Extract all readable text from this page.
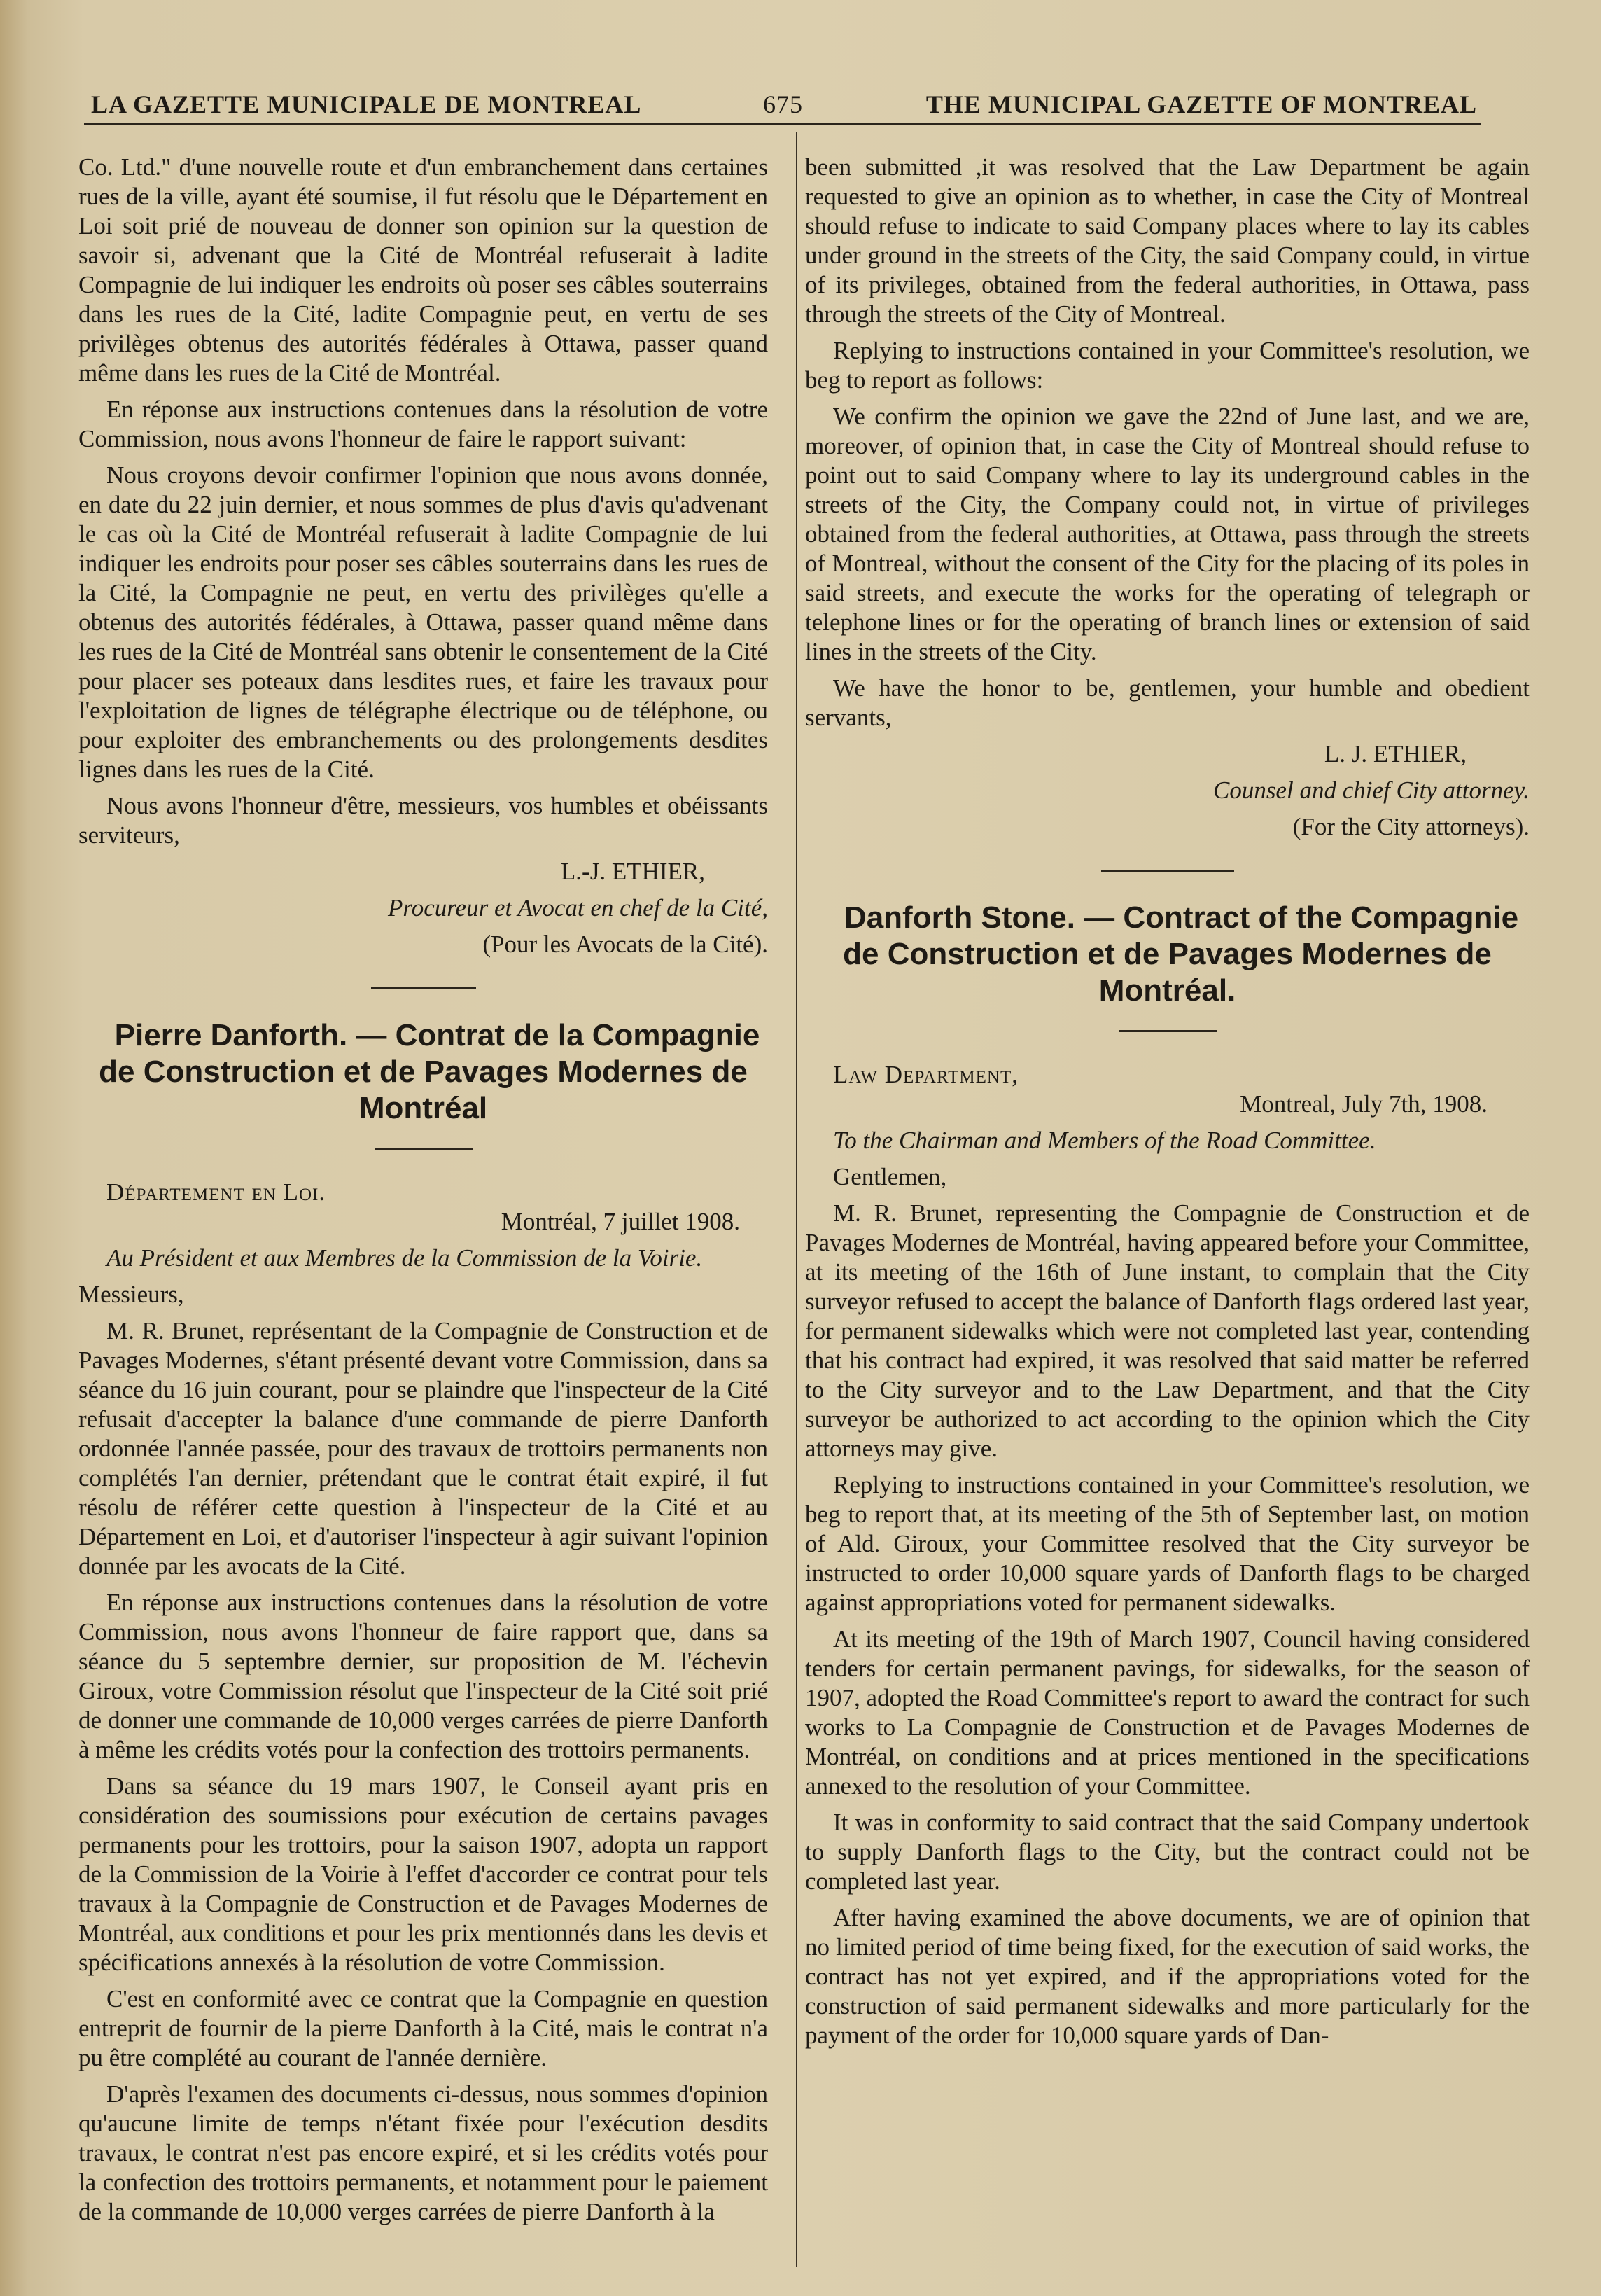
LA GAZETTE MUNICIPALE DE MONTREAL	675	THE MUNICIPAL GAZETTE OF MONTREAL

Co. Ltd." d'une nouvelle route et d'un embranchement dans certaines rues de la ville, ayant été soumise, il fut résolu que le Département en Loi soit prié de nouveau de donner son opinion sur la question de savoir si, advenant que la Cité de Montréal refuserait à ladite Compagnie de lui indiquer les endroits où poser ses câbles souterrains dans les rues de la Cité, ladite Compagnie peut, en vertu de ses privilèges obtenus des autorités fédérales à Ottawa, passer quand même dans les rues de la Cité de Montréal.

En réponse aux instructions contenues dans la résolution de votre Commission, nous avons l'honneur de faire le rapport suivant:

Nous croyons devoir confirmer l'opinion que nous avons donnée, en date du 22 juin dernier, et nous sommes de plus d'avis qu'advenant le cas où la Cité de Montréal refuserait à ladite Compagnie de lui indiquer les endroits pour poser ses câbles souterrains dans les rues de la Cité, la Compagnie ne peut, en vertu des privilèges qu'elle a obtenus des autorités fédérales, à Ottawa, passer quand même dans les rues de la Cité de Montréal sans obtenir le consentement de la Cité pour placer ses poteaux dans lesdites rues, et faire les travaux pour l'exploitation de lignes de télégraphe électrique ou de téléphone, ou pour exploiter des embranchements ou des prolongements desdites lignes dans les rues de la Cité.

Nous avons l'honneur d'être, messieurs, vos humbles et obéissants serviteurs,

L.-J. ETHIER,

Procureur et Avocat en chef de la Cité,

(Pour les Avocats de la Cité).

Pierre Danforth. — Contrat de la Compagnie de Construction et de Pavages Modernes de Montréal

Département en Loi.

Montréal, 7 juillet 1908.

Au Président et aux Membres de la Commission de la Voirie.

Messieurs,

M. R. Brunet, représentant de la Compagnie de Construction et de Pavages Modernes, s'étant présenté devant votre Commission, dans sa séance du 16 juin courant, pour se plaindre que l'inspecteur de la Cité refusait d'accepter la balance d'une commande de pierre Danforth ordonnée l'année passée, pour des travaux de trottoirs permanents non complétés l'an dernier, prétendant que le contrat était expiré, il fut résolu de référer cette question à l'inspecteur de la Cité et au Département en Loi, et d'autoriser l'inspecteur à agir suivant l'opinion donnée par les avocats de la Cité.

En réponse aux instructions contenues dans la résolution de votre Commission, nous avons l'honneur de faire rapport que, dans sa séance du 5 septembre dernier, sur proposition de M. l'échevin Giroux, votre Commission résolut que l'inspecteur de la Cité soit prié de donner une commande de 10,000 verges carrées de pierre Danforth à même les crédits votés pour la confection des trottoirs permanents.

Dans sa séance du 19 mars 1907, le Conseil ayant pris en considération des soumissions pour exécution de certains pavages permanents pour les trottoirs, pour la saison 1907, adopta un rapport de la Commission de la Voirie à l'effet d'accorder ce contrat pour tels travaux à la Compagnie de Construction et de Pavages Modernes de Montréal, aux conditions et pour les prix mentionnés dans les devis et spécifications annexés à la résolution de votre Commission.

C'est en conformité avec ce contrat que la Compagnie en question entreprit de fournir de la pierre Danforth à la Cité, mais le contrat n'a pu être complété au courant de l'année dernière.

D'après l'examen des documents ci-dessus, nous sommes d'opinion qu'aucune limite de temps n'étant fixée pour l'exécution desdits travaux, le contrat n'est pas encore expiré, et si les crédits votés pour la confection des trottoirs permanents, et notamment pour le paiement de la commande de 10,000 verges carrées de pierre Danforth à la

been submitted ,it was resolved that the Law Department be again requested to give an opinion as to whether, in case the City of Montreal should refuse to indicate to said Company places where to lay its cables under ground in the streets of the City, the said Company could, in virtue of its privileges, obtained from the federal authorities, in Ottawa, pass through the streets of the City of Montreal.

Replying to instructions contained in your Committee's resolution, we beg to report as follows:

We confirm the opinion we gave the 22nd of June last, and we are, moreover, of opinion that, in case the City of Montreal should refuse to point out to said Company where to lay its underground cables in the streets of the City, the Company could not, in virtue of privileges obtained from the federal authorities, at Ottawa, pass through the streets of Montreal, without the consent of the City for the placing of its poles in said streets, and execute the works for the operating of telegraph or telephone lines or for the operating of branch lines or extension of said lines in the streets of the City.

We have the honor to be, gentlemen, your humble and obedient servants,

L. J. ETHIER,

Counsel and chief City attorney.

(For the City attorneys).

Danforth Stone. — Contract of the Compagnie de Construction et de Pavages Modernes de Montréal.

Law Department,

Montreal, July 7th, 1908.

To the Chairman and Members of the Road Committee.

Gentlemen,

M. R. Brunet, representing the Compagnie de Construction et de Pavages Modernes de Montréal, having appeared before your Committee, at its meeting of the 16th of June instant, to complain that the City surveyor refused to accept the balance of Danforth flags ordered last year, for permanent sidewalks which were not completed last year, contending that his contract had expired, it was resolved that said matter be referred to the City surveyor and to the Law Department, and that the City surveyor be authorized to act according to the opinion which the City attorneys may give.

Replying to instructions contained in your Committee's resolution, we beg to report that, at its meeting of the 5th of September last, on motion of Ald. Giroux, your Committee resolved that the City surveyor be instructed to order 10,000 square yards of Danforth flags to be charged against appropriations voted for permanent sidewalks.

At its meeting of the 19th of March 1907, Council having considered tenders for certain permanent pavings, for sidewalks, for the season of 1907, adopted the Road Committee's report to award the contract for such works to La Compagnie de Construction et de Pavages Modernes de Montréal, on conditions and at prices mentioned in the specifications annexed to the resolution of your Committee.

It was in conformity to said contract that the said Company undertook to supply Danforth flags to the City, but the contract could not be completed last year.

After having examined the above documents, we are of opinion that no limited period of time being fixed, for the execution of said works, the contract has not yet expired, and if the appropriations voted for the construction of said permanent sidewalks and more particularly for the payment of the order for 10,000 square yards of Dan-
